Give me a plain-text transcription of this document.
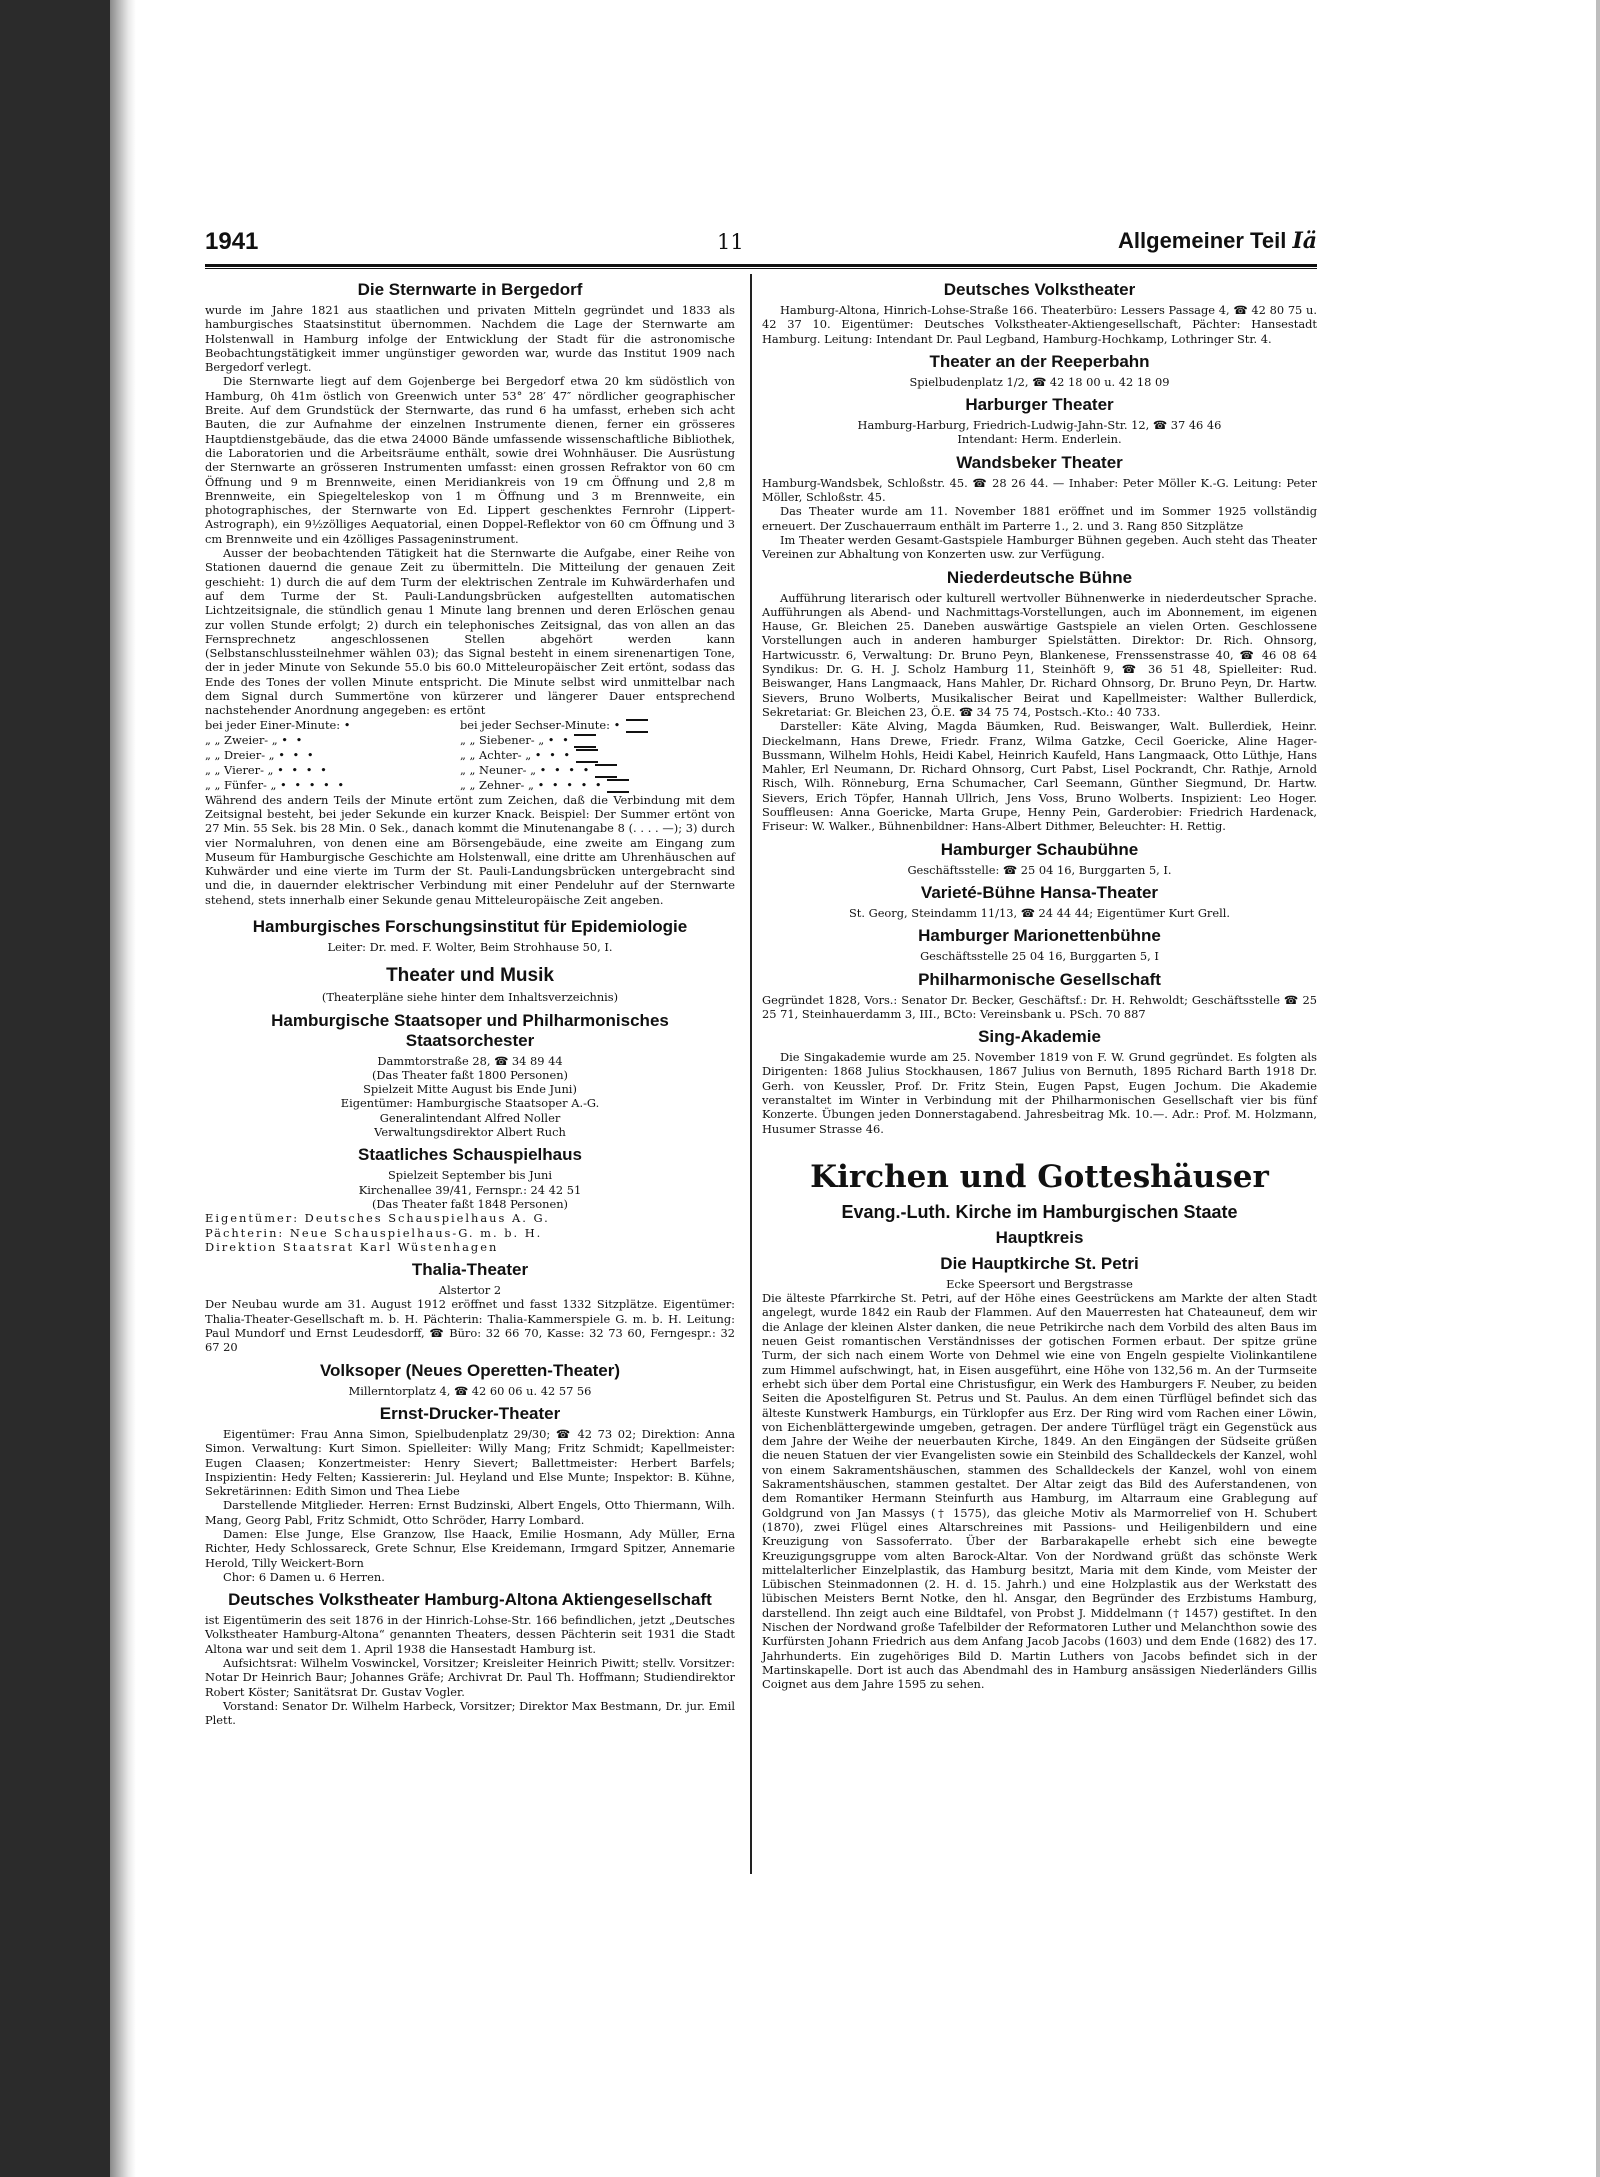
1941	11	Allgemeiner Teil Iä
Die Sternwarte in Bergedorf

wurde im Jahre 1821 aus staatlichen und privaten Mitteln gegründet und 1833 als hamburgisches Staatsinstitut übernommen. Nachdem die Lage der Sternwarte am Holstenwall in Hamburg infolge der Entwicklung der Stadt für die astronomische Beobachtungstätigkeit immer ungünstiger geworden war, wurde das Institut 1909 nach Bergedorf verlegt.

Die Sternwarte liegt auf dem Gojenberge bei Bergedorf etwa 20 km südöstlich von Hamburg, 0h 41m östlich von Greenwich unter 53° 28′ 47″ nördlicher geographischer Breite. Auf dem Grundstück der Sternwarte, das rund 6 ha umfasst, erheben sich acht Bauten, die zur Aufnahme der einzelnen Instrumente dienen, ferner ein grösseres Hauptdienstgebäude, das die etwa 24000 Bände umfassende wissenschaftliche Bibliothek, die Laboratorien und die Arbeitsräume enthält, sowie drei Wohnhäuser. Die Ausrüstung der Sternwarte an grösseren Instrumenten umfasst: einen grossen Refraktor von 60 cm Öffnung und 9 m Brennweite, einen Meridiankreis von 19 cm Öffnung und 2,8 m Brennweite, ein Spiegelteleskop von 1 m Öffnung und 3 m Brennweite, ein photographisches, der Sternwarte von Ed. Lippert geschenktes Fernrohr (Lippert-Astrograph), ein 9½zölliges Aequatorial, einen Doppel-Reflektor von 60 cm Öffnung und 3 cm Brennweite und ein 4zölliges Passageninstrument.

Ausser der beobachtenden Tätigkeit hat die Sternwarte die Aufgabe, einer Reihe von Stationen dauernd die genaue Zeit zu übermitteln. Die Mitteilung der genauen Zeit geschieht: 1) durch die auf dem Turm der elektrischen Zentrale im Kuhwärderhafen und auf dem Turme der St. Pauli-Landungsbrücken aufgestellten automatischen Lichtzeitsignale, die stündlich genau 1 Minute lang brennen und deren Erlöschen genau zur vollen Stunde erfolgt; 2) durch ein telephonisches Zeitsignal, das von allen an das Fernsprechnetz angeschlossenen Stellen abgehört werden kann (Selbstanschlussteilnehmer wählen 03); das Signal besteht in einem sirenenartigen Tone, der in jeder Minute von Sekunde 55.0 bis 60.0 Mitteleuropäischer Zeit ertönt, sodass das Ende des Tones der vollen Minute entspricht. Die Minute selbst wird unmittelbar nach dem Signal durch Summertöne von kürzerer und längerer Dauer entsprechend nachstehender Anordnung angegeben: es ertönt

bei jeder Einer-Minute: •	bei jeder Sechser-Minute: •
„ „ Zweier- „ • •	„ „ Siebener- „ • •
„ „ Dreier- „ • • •	„ „ Achter- „ • • •
„ „ Vierer- „ • • • •	„ „ Neuner- „ • • • •
„ „ Fünfer- „ • • • • •	„ „ Zehner- „ • • • • •

Während des andern Teils der Minute ertönt zum Zeichen, daß die Verbindung mit dem Zeitsignal besteht, bei jeder Sekunde ein kurzer Knack. Beispiel: Der Summer ertönt von 27 Min. 55 Sek. bis 28 Min. 0 Sek., danach kommt die Minutenangabe 8 (. . . . —); 3) durch vier Normaluhren, von denen eine am Börsengebäude, eine zweite am Eingang zum Museum für Hamburgische Geschichte am Holstenwall, eine dritte am Uhrenhäuschen auf Kuhwärder und eine vierte im Turm der St. Pauli-Landungsbrücken untergebracht sind und die, in dauernder elektrischer Verbindung mit einer Pendeluhr auf der Sternwarte stehend, stets innerhalb einer Sekunde genau Mitteleuropäische Zeit angeben.

Hamburgisches Forschungsinstitut für Epidemiologie

Leiter: Dr. med. F. Wolter, Beim Strohhause 50, I.

Theater und Musik

(Theaterpläne siehe hinter dem Inhaltsverzeichnis)

Hamburgische Staatsoper und Philharmonisches Staatsorchester

Dammtorstraße 28, ☎ 34 89 44

(Das Theater faßt 1800 Personen)

Spielzeit Mitte August bis Ende Juni)

Eigentümer: Hamburgische Staatsoper A.-G.

Generalintendant Alfred Noller

Verwaltungsdirektor Albert Ruch

Staatliches Schauspielhaus

Spielzeit September bis Juni

Kirchenallee 39/41, Fernspr.: 24 42 51

(Das Theater faßt 1848 Personen)

Eigentümer: Deutsches Schauspielhaus A. G.

Pächterin: Neue Schauspielhaus-G. m. b. H.

Direktion Staatsrat Karl Wüstenhagen

Thalia-Theater

Alstertor 2

Der Neubau wurde am 31. August 1912 eröffnet und fasst 1332 Sitzplätze. Eigentümer: Thalia-Theater-Gesellschaft m. b. H. Pächterin: Thalia-Kammerspiele G. m. b. H. Leitung: Paul Mundorf und Ernst Leudesdorff, ☎ Büro: 32 66 70, Kasse: 32 73 60, Ferngespr.: 32 67 20

Volksoper (Neues Operetten-Theater)

Millerntorplatz 4, ☎ 42 60 06 u. 42 57 56

Ernst-Drucker-Theater

Eigentümer: Frau Anna Simon, Spielbudenplatz 29/30; ☎ 42 73 02; Direktion: Anna Simon. Verwaltung: Kurt Simon. Spielleiter: Willy Mang; Fritz Schmidt; Kapellmeister: Eugen Claasen; Konzertmeister: Henry Sievert; Ballettmeister: Herbert Barfels; Inspizientin: Hedy Felten; Kassiererin: Jul. Heyland und Else Munte; Inspektor: B. Kühne, Sekretärinnen: Edith Simon und Thea Liebe

Darstellende Mitglieder. Herren: Ernst Budzinski, Albert Engels, Otto Thiermann, Wilh. Mang, Georg Pabl, Fritz Schmidt, Otto Schröder, Harry Lombard.

Damen: Else Junge, Else Granzow, Ilse Haack, Emilie Hosmann, Ady Müller, Erna Richter, Hedy Schlossareck, Grete Schnur, Else Kreidemann, Irmgard Spitzer, Annemarie Herold, Tilly Weickert-Born

Chor: 6 Damen u. 6 Herren.

Deutsches Volkstheater Hamburg-Altona Aktiengesellschaft

ist Eigentümerin des seit 1876 in der Hinrich-Lohse-Str. 166 befindlichen, jetzt „Deutsches Volkstheater Hamburg-Altona“ genannten Theaters, dessen Pächterin seit 1931 die Stadt Altona war und seit dem 1. April 1938 die Hansestadt Hamburg ist.

Aufsichtsrat: Wilhelm Voswinckel, Vorsitzer; Kreisleiter Heinrich Piwitt; stellv. Vorsitzer: Notar Dr Heinrich Baur; Johannes Gräfe; Archivrat Dr. Paul Th. Hoffmann; Studiendirektor Robert Köster; Sanitätsrat Dr. Gustav Vogler.

Vorstand: Senator Dr. Wilhelm Harbeck, Vorsitzer; Direktor Max Bestmann, Dr. jur. Emil Plett.

Deutsches Volkstheater

Hamburg-Altona, Hinrich-Lohse-Straße 166. Theaterbüro: Lessers Passage 4, ☎ 42 80 75 u. 42 37 10. Eigentümer: Deutsches Volkstheater-Aktiengesellschaft, Pächter: Hansestadt Hamburg. Leitung: Intendant Dr. Paul Legband, Hamburg-Hochkamp, Lothringer Str. 4.

Theater an der Reeperbahn

Spielbudenplatz 1/2, ☎ 42 18 00 u. 42 18 09

Harburger Theater

Hamburg-Harburg, Friedrich-Ludwig-Jahn-Str. 12, ☎ 37 46 46

Intendant: Herm. Enderlein.

Wandsbeker Theater

Hamburg-Wandsbek, Schloßstr. 45. ☎ 28 26 44. — Inhaber: Peter Möller K.-G. Leitung: Peter Möller, Schloßstr. 45.

Das Theater wurde am 11. November 1881 eröffnet und im Sommer 1925 vollständig erneuert. Der Zuschauerraum enthält im Parterre 1., 2. und 3. Rang 850 Sitzplätze

Im Theater werden Gesamt-Gastspiele Hamburger Bühnen gegeben. Auch steht das Theater Vereinen zur Abhaltung von Konzerten usw. zur Verfügung.

Niederdeutsche Bühne

Aufführung literarisch oder kulturell wertvoller Bühnenwerke in niederdeutscher Sprache. Aufführungen als Abend- und Nachmittags-Vorstellungen, auch im Abonnement, im eigenen Hause, Gr. Bleichen 25. Daneben auswärtige Gastspiele an vielen Orten. Geschlossene Vorstellungen auch in anderen hamburger Spielstätten. Direktor: Dr. Rich. Ohnsorg, Hartwicusstr. 6, Verwaltung: Dr. Bruno Peyn, Blankenese, Frenssenstrasse 40, ☎ 46 08 64 Syndikus: Dr. G. H. J. Scholz Hamburg 11, Steinhöft 9, ☎ 36 51 48, Spielleiter: Rud. Beiswanger, Hans Langmaack, Hans Mahler, Dr. Richard Ohnsorg, Dr. Bruno Peyn, Dr. Hartw. Sievers, Bruno Wolberts, Musikalischer Beirat und Kapellmeister: Walther Bullerdick, Sekretariat: Gr. Bleichen 23, Ö.E. ☎ 34 75 74, Postsch.-Kto.: 40 733.

Darsteller: Käte Alving, Magda Bäumken, Rud. Beiswanger, Walt. Bullerdiek, Heinr. Dieckelmann, Hans Drewe, Friedr. Franz, Wilma Gatzke, Cecil Goericke, Aline Hager-Bussmann, Wilhelm Hohls, Heidi Kabel, Heinrich Kaufeld, Hans Langmaack, Otto Lüthje, Hans Mahler, Erl Neumann, Dr. Richard Ohnsorg, Curt Pabst, Lisel Pockrandt, Chr. Rathje, Arnold Risch, Wilh. Rönneburg, Erna Schumacher, Carl Seemann, Günther Siegmund, Dr. Hartw. Sievers, Erich Töpfer, Hannah Ullrich, Jens Voss, Bruno Wolberts. Inspizient: Leo Hoger. Souffleusen: Anna Goericke, Marta Grupe, Henny Pein, Garderobier: Friedrich Hardenack, Friseur: W. Walker., Bühnenbildner: Hans-Albert Dithmer, Beleuchter: H. Rettig.

Hamburger Schaubühne

Geschäftsstelle: ☎ 25 04 16, Burggarten 5, I.

Varieté-Bühne Hansa-Theater

St. Georg, Steindamm 11/13, ☎ 24 44 44; Eigentümer Kurt Grell.

Hamburger Marionettenbühne

Geschäftsstelle 25 04 16, Burggarten 5, I

Philharmonische Gesellschaft

Gegründet 1828, Vors.: Senator Dr. Becker, Geschäftsf.: Dr. H. Rehwoldt; Geschäftsstelle ☎ 25 25 71, Steinhauerdamm 3, III., BCto: Vereinsbank u. PSch. 70 887

Sing-Akademie

Die Singakademie wurde am 25. November 1819 von F. W. Grund gegründet. Es folgten als Dirigenten: 1868 Julius Stockhausen, 1867 Julius von Bernuth, 1895 Richard Barth 1918 Dr. Gerh. von Keussler, Prof. Dr. Fritz Stein, Eugen Papst, Eugen Jochum. Die Akademie veranstaltet im Winter in Verbindung mit der Philharmonischen Gesellschaft vier bis fünf Konzerte. Übungen jeden Donnerstagabend. Jahresbeitrag Mk. 10.—. Adr.: Prof. M. Holzmann, Husumer Strasse 46.

Kirchen und Gotteshäuser
Evang.-Luth. Kirche im Hamburgischen Staate
Hauptkreis
Die Hauptkirche St. Petri

Ecke Speersort und Bergstrasse

Die älteste Pfarrkirche St. Petri, auf der Höhe eines Geestrückens am Markte der alten Stadt angelegt, wurde 1842 ein Raub der Flammen. Auf den Mauerresten hat Chateauneuf, dem wir die Anlage der kleinen Alster danken, die neue Petrikirche nach dem Vorbild des alten Baus im neuen Geist romantischen Verständnisses der gotischen Formen erbaut. Der spitze grüne Turm, der sich nach einem Worte von Dehmel wie eine von Engeln gespielte Violinkantilene zum Himmel aufschwingt, hat, in Eisen ausgeführt, eine Höhe von 132,56 m. An der Turmseite erhebt sich über dem Portal eine Christusfigur, ein Werk des Hamburgers F. Neuber, zu beiden Seiten die Apostelfiguren St. Petrus und St. Paulus. An dem einen Türflügel befindet sich das älteste Kunstwerk Hamburgs, ein Türklopfer aus Erz. Der Ring wird vom Rachen einer Löwin, von Eichenblättergewinde umgeben, getragen. Der andere Türflügel trägt ein Gegenstück aus dem Jahre der Weihe der neuerbauten Kirche, 1849. An den Eingängen der Südseite grüßen die neuen Statuen der vier Evangelisten sowie ein Steinbild des Schalldeckels der Kanzel, wohl von einem Sakramentshäuschen, stammen des Schalldeckels der Kanzel, wohl von einem Sakramentshäuschen, stammen gestaltet. Der Altar zeigt das Bild des Auferstandenen, von dem Romantiker Hermann Steinfurth aus Hamburg, im Altarraum eine Grablegung auf Goldgrund von Jan Massys († 1575), das gleiche Motiv als Marmorrelief von H. Schubert (1870), zwei Flügel eines Altarschreines mit Passions- und Heiligenbildern und eine Kreuzigung von Sassoferrato. Über der Barbarakapelle erhebt sich eine bewegte Kreuzigungsgruppe vom alten Barock-Altar. Von der Nordwand grüßt das schönste Werk mittelalterlicher Einzelplastik, das Hamburg besitzt, Maria mit dem Kinde, vom Meister der Lübischen Steinmadonnen (2. H. d. 15. Jahrh.) und eine Holzplastik aus der Werkstatt des lübischen Meisters Bernt Notke, den hl. Ansgar, den Begründer des Erzbistums Hamburg, darstellend. Ihn zeigt auch eine Bildtafel, von Probst J. Middelmann († 1457) gestiftet. In den Nischen der Nordwand große Tafelbilder der Reformatoren Luther und Melanchthon sowie des Kurfürsten Johann Friedrich aus dem Anfang Jacob Jacobs (1603) und dem Ende (1682) des 17. Jahrhunderts. Ein zugehöriges Bild D. Martin Luthers von Jacobs befindet sich in der Martinskapelle. Dort ist auch das Abendmahl des in Hamburg ansässigen Niederländers Gillis Coignet aus dem Jahre 1595 zu sehen.
